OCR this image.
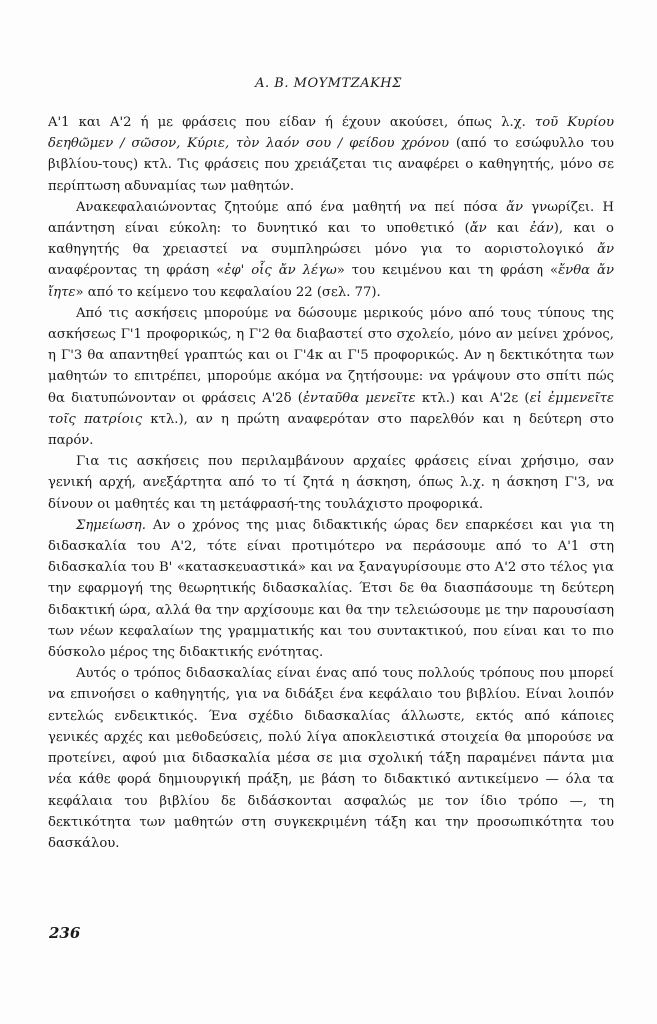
Α. Β. ΜΟΥΜΤΖΑΚΗΣ

Α'1 και Α'2 ή με φράσεις που είδαν ή έχουν ακούσει, όπως λ.χ. τοῦ Κυρίου δεηθῶμεν / σῶσον, Κύριε, τὸν λαόν σου / φείδου χρόνου (από το εσώφυλλο του βιβλίου-τους) κτλ. Τις φράσεις που χρειάζεται τις αναφέρει ο καθηγητής, μόνο σε περίπτωση αδυναμίας των μαθητών.

Ανακεφαλαιώνοντας ζητούμε από ένα μαθητή να πεί πόσα ἄν γνωρίζει. Η απάντηση είναι εύκολη: το δυνητικό και το υποθετικό (ἄν και ἐάν), και ο καθηγητής θα χρειαστεί να συμπληρώσει μόνο για το αοριστολογικό ἄν αναφέροντας τη φράση «ἐφ' οἷς ἄν λέγω» του κειμένου και τη φράση «ἔνθα ἄν ἴητε» από το κείμενο του κεφαλαίου 22 (σελ. 77).

Από τις ασκήσεις μπορούμε να δώσουμε μερικούς μόνο από τους τύπους της ασκήσεως Γ'1 προφορικώς, η Γ'2 θα διαβαστεί στο σχολείο, μόνο αν μείνει χρόνος, η Γ'3 θα απαντηθεί γραπτώς και οι Γ'4κ αι Γ'5 προφορικώς. Αν η δεκτικότητα των μαθητών το επιτρέπει, μπορούμε ακόμα να ζητήσουμε: να γράψουν στο σπίτι πώς θα διατυπώνονταν οι φράσεις Α'2δ (ἐνταῦθα μενεῖτε κτλ.) και Α'2ε (εἰ ἐμμενεῖτε τοῖς πατρίοις κτλ.), αν η πρώτη αναφερόταν στο παρελθόν και η δεύτερη στο παρόν.

Για τις ασκήσεις που περιλαμβάνουν αρχαίες φράσεις είναι χρήσιμο, σαν γενική αρχή, ανεξάρτητα από το τί ζητά η άσκηση, όπως λ.χ. η άσκηση Γ'3, να δίνουν οι μαθητές και τη μετάφρασή-της τουλάχιστο προφορικά.

Σημείωση. Αν ο χρόνος της μιας διδακτικής ώρας δεν επαρκέσει και για τη διδασκαλία του Α'2, τότε είναι προτιμότερο να περάσουμε από το Α'1 στη διδασκαλία του Β' «κατασκευαστικά» και να ξαναγυρίσουμε στο Α'2 στο τέλος για την εφαρμογή της θεωρητικής διδασκαλίας. Έτσι δε θα διασπάσουμε τη δεύτερη διδακτική ώρα, αλλά θα την αρχίσουμε και θα την τελειώσουμε με την παρουσίαση των νέων κεφαλαίων της γραμματικής και του συντακτικού, που είναι και το πιο δύσκολο μέρος της διδακτικής ενότητας.

Αυτός ο τρόπος διδασκαλίας είναι ένας από τους πολλούς τρόπους που μπορεί να επινοήσει ο καθηγητής, για να διδάξει ένα κεφάλαιο του βιβλίου. Είναι λοιπόν εντελώς ενδεικτικός. Ένα σχέδιο διδασκαλίας άλλωστε, εκτός από κάποιες γενικές αρχές και μεθοδεύσεις, πολύ λίγα αποκλειστικά στοιχεία θα μπορούσε να προτείνει, αφού μια διδασκαλία μέσα σε μια σχολική τάξη παραμένει πάντα μια νέα κάθε φορά δημιουργική πράξη, με βάση το διδακτικό αντικείμενο — όλα τα κεφάλαια του βιβλίου δε διδάσκονται ασφαλώς με τον ίδιο τρόπο —, τη δεκτικότητα των μαθητών στη συγκεκριμένη τάξη και την προσωπικότητα του δασκάλου.

236
